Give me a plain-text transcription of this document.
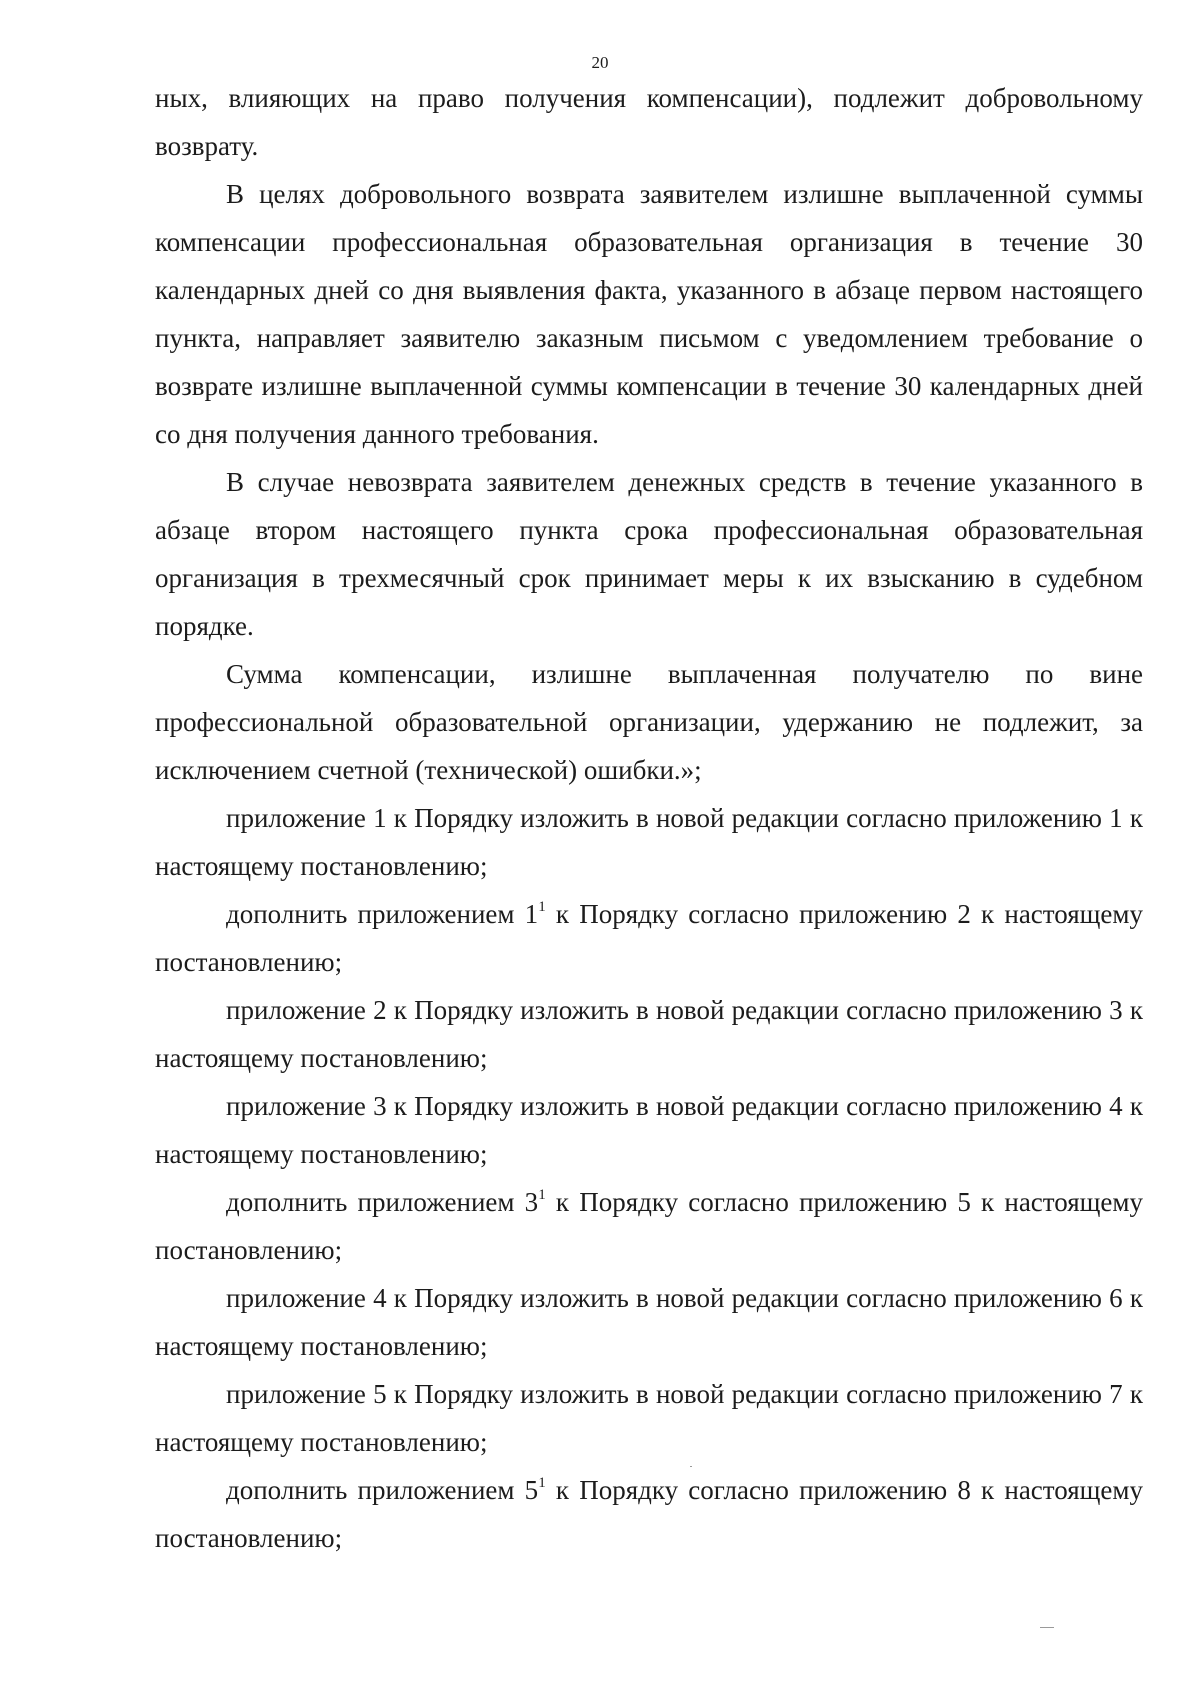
20

ных, влияющих на право получения компенсации), подлежит добровольному возврату.

В целях добровольного возврата заявителем излишне выплаченной суммы компенсации профессиональная образовательная организация в течение 30 календарных дней со дня выявления факта, указанного в абзаце первом настоящего пункта, направляет заявителю заказным письмом с уведомлением требование о возврате излишне выплаченной суммы компенсации в течение 30 календарных дней со дня получения данного требования.

В случае невозврата заявителем денежных средств в течение указанного в абзаце втором настоящего пункта срока профессиональная образовательная организация в трехмесячный срок принимает меры к их взысканию в судебном порядке.

Сумма компенсации, излишне выплаченная получателю по вине профессиональной образовательной организации, удержанию не подлежит, за исключением счетной (технической) ошибки.»;

приложение 1 к Порядку изложить в новой редакции согласно приложению 1 к настоящему постановлению;

дополнить приложением $1^1$ к Порядку согласно приложению 2 к настоящему постановлению;

приложение 2 к Порядку изложить в новой редакции согласно приложению 3 к настоящему постановлению;

приложение 3 к Порядку изложить в новой редакции согласно приложению 4 к настоящему постановлению;

дополнить приложением $3^1$ к Порядку согласно приложению 5 к настоящему постановлению;

приложение 4 к Порядку изложить в новой редакции согласно приложению 6 к настоящему постановлению;

приложение 5 к Порядку изложить в новой редакции согласно приложению 7 к настоящему постановлению;

дополнить приложением $5^1$ к Порядку согласно приложению 8 к настоящему постановлению;
